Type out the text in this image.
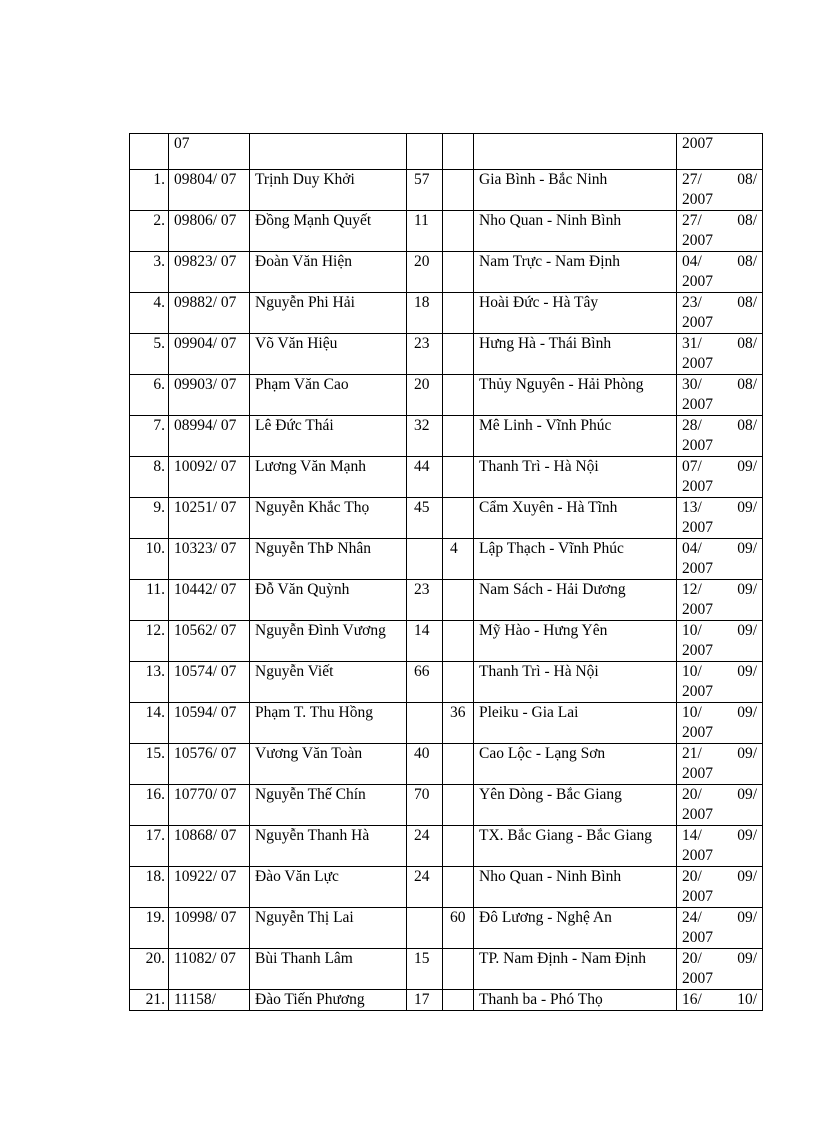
	07					2007
1.	09804/ 07	Trịnh Duy Khởi	57		Gia Bình - Bắc Ninh	27/ 08/
2007

2.	09806/ 07	Đồng Mạnh Quyết	11		Nho Quan - Ninh Bình	27/ 08/
2007

3.	09823/ 07	Đoàn Văn Hiện	20		Nam Trực - Nam Định	04/ 08/
2007

4.	09882/ 07	Nguyễn Phi Hải	18		Hoài Đức - Hà Tây	23/ 08/
2007

5.	09904/ 07	Võ Văn Hiệu	23		Hưng Hà - Thái Bình	31/ 08/
2007

6.	09903/ 07	Phạm Văn Cao	20		Thủy Nguyên - Hải Phòng	30/ 08/
2007

7.	08994/ 07	Lê Đức Thái	32		Mê Linh - Vĩnh Phúc	28/ 08/
2007

8.	10092/ 07	Lương Văn Mạnh	44		Thanh Trì - Hà Nội	07/ 09/
2007

9.	10251/ 07	Nguyễn Khắc Thọ	45		Cẩm Xuyên - Hà Tĩnh	13/ 09/
2007

10.	10323/ 07	Nguyễn ThÞ Nhân		4	Lập Thạch - Vĩnh Phúc	04/ 09/
2007

11.	10442/ 07	Đỗ Văn Quỳnh	23		Nam Sách - Hải Dương	12/ 09/
2007

12.	10562/ 07	Nguyễn Đình Vương	14		Mỹ Hào - Hưng Yên	10/ 09/
2007

13.	10574/ 07	Nguyễn Viết	66		Thanh Trì - Hà Nội	10/ 09/
2007

14.	10594/ 07	Phạm T. Thu Hồng		36	Pleiku - Gia Lai	10/ 09/
2007

15.	10576/ 07	Vương Văn Toàn	40		Cao Lộc - Lạng Sơn	21/ 09/
2007

16.	10770/ 07	Nguyễn Thế Chín	70		Yên Dòng - Bắc Giang	20/ 09/
2007

17.	10868/ 07	Nguyễn Thanh Hà	24		TX. Bắc Giang - Bắc Giang	14/ 09/
2007

18.	10922/ 07	Đào Văn Lực	24		Nho Quan - Ninh Bình	20/ 09/
2007

19.	10998/ 07	Nguyễn Thị Lai		60	Đô Lương - Nghệ An	24/ 09/
2007

20.	11082/ 07	Bùi Thanh Lâm	15		TP. Nam Định - Nam Định	20/ 09/
2007

21.	11158/	Đào Tiến Phương	17		Thanh ba - Phó Thọ	16/ 10/
